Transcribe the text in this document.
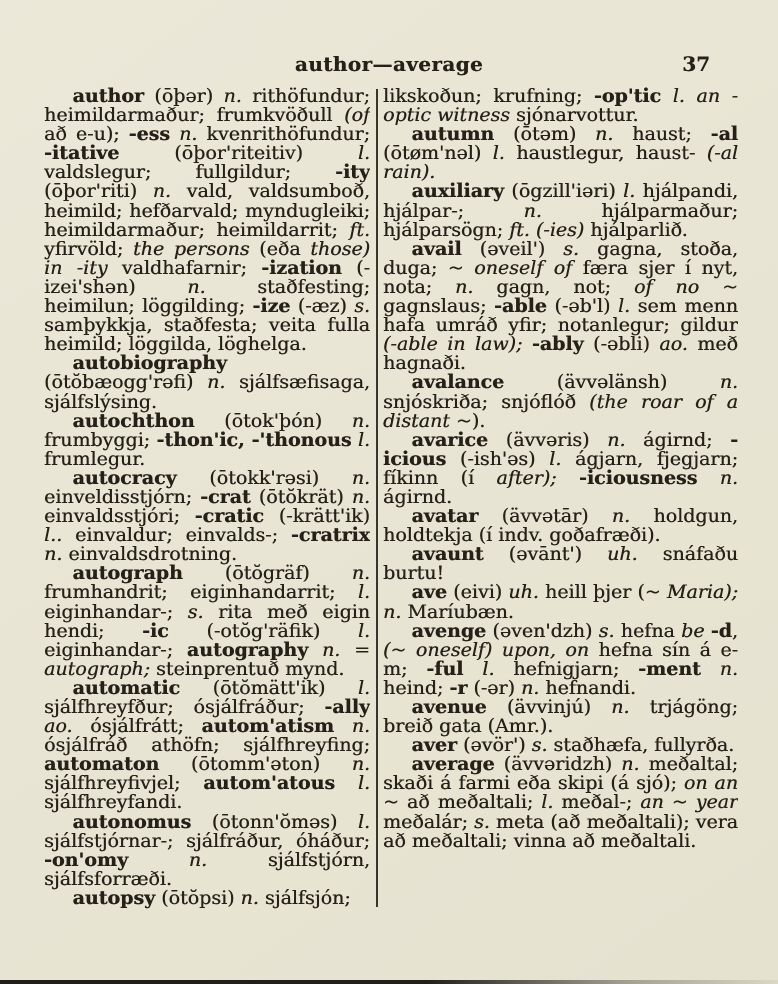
author—average	37

author (ōþər) n. rithöfundur; heimildarmaður; frumkvöðull (of að e-u); -ess n. kvenrithöfundur; -itative (ōþor'riteitiv) l. valdslegur; fullgildur; -ity (ōþor'riti) n. vald, valdsumboð, heimild; hefðarvald; myndugleiki; heimildarmaður; heimildarrit; ft. yfirvöld; the persons (eða those) in -ity valdhafarnir; -ization (-izei'shən) n. staðfesting; heimilun; löggilding; -ize (-æz) s. samþykkja, staðfesta; veita fulla heimild; löggilda, löghelga.

autobiography (ōtŏbæogg'rəfi) n. sjálfsæfisaga, sjálfslýsing.

autochthon (ōtok'þón) n. frumbyggi; -thon'ic, -'thonous l. frumlegur.

autocracy (ōtokk'rəsi) n. einveldisstjórn; -crat (ōtŏkrät) n. einvaldsstjóri; -cratic (-krätt'ik) l.. einvaldur; einvalds-; -cratrix n. einvaldsdrotning.

autograph (ōtŏgräf) n. frumhandrit; eiginhandarrit; l. eiginhandar-; s. rita með eigin hendi; -ic (-otŏg'räfik) l. eiginhandar-; autography n. = autograph; steinprentuð mynd.

automatic (ōtŏmätt'ik) l. sjálfhreyfður; ósjálfráður; -ally ao. ósjálfrátt; autom'atism n. ósjálfráð athöfn; sjálfhreyfing; automaton (ōtomm'əton) n. sjálfhreyfivjel; autom'atous l. sjálfhreyfandi.

autonomus (ōtonn'ŏməs) l. sjálfstjórnar-; sjálfráður, óháður; -on'omy	n. sjálfstjórn, sjálfsforræði.

autopsy (ōtŏpsi) n. sjálfsjón;

likskoðun; krufning; -op'tic l. an -optic witness sjónarvottur.

autumn (ōtəm) n. haust; -al (ōtøm'nəl) l. haustlegur, haust- (-al rain).

auxiliary (ōgzill'iəri) l. hjálpandi, hjálpar-; n. hjálparmaður; hjálparsögn; ft. (-ies) hjálparlið.

avail (əveil') s. gagna, stoða, duga; ~ oneself of færa sjer í nyt, nota; n. gagn, not; of no ~ gagnslaus; -able (-əb'l) l. sem menn hafa umráð yfir; notanlegur; gildur (-able in law); -ably (-əbli) ao. með hagnaði.

avalance (ävvəlänsh) n. snjóskriða; snjóflóð (the roar of a distant ~).

avarice (ävvəris) n. ágirnd; -icious (-ish'əs) l. ágjarn, fjegjarn; fíkinn (í after); -iciousness n. ágirnd.

avatar (ävvətār) n. holdgun, holdtekja (í indv. goðafræði).

avaunt (əvānt') uh. snáfaðu burtu!

ave (eivi) uh. heill þjer (~ Maria); n. Maríubæn.

avenge (əven'dzh) s. hefna be -d, (~ oneself) upon, on hefna sín á e-m; -ful l. hefnigjarn; -ment n. heind; -r (-ər) n. hefnandi.

avenue (ävvinjú) n. trjágöng; breið gata (Amr.).

aver (əvör') s. staðhæfa, fullyrða.

average (ävvəridzh) n. meðaltal; skaði á farmi eða skipi (á sjó); on an ~ að meðaltali; l. meðal-; an ~ year meðalár; s. meta (að meðaltali); vera að meðaltali; vinna að meðaltali.
